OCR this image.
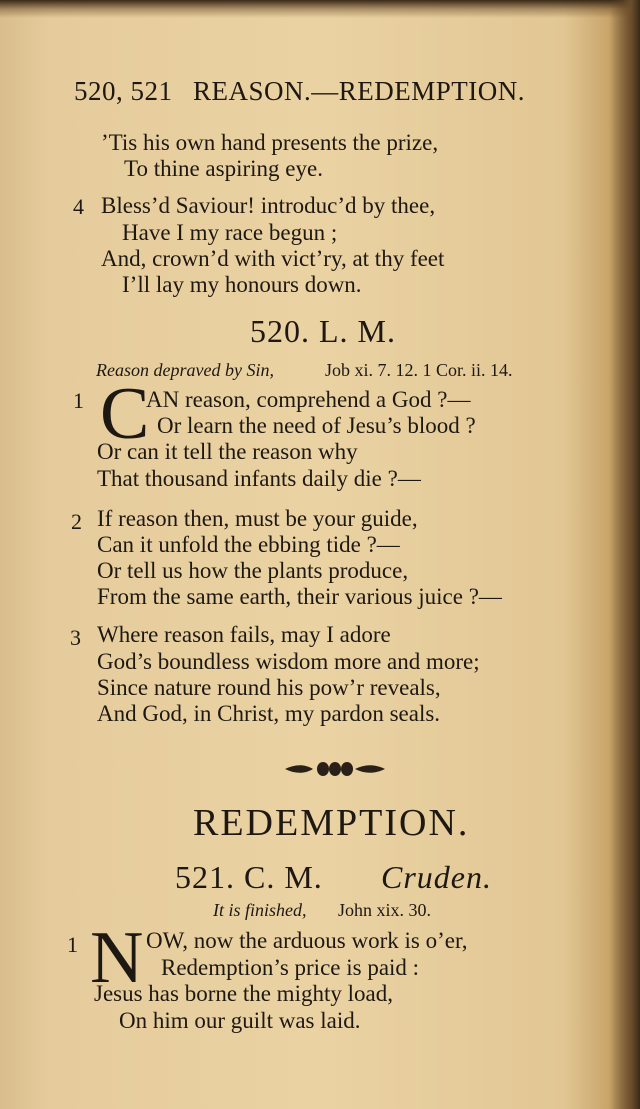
520, 521 REASON.—REDEMPTION.
’Tis his own hand presents the prize,
To thine aspiring eye.
4 Bless’d Saviour! introduc’d by thee,
Have I my race begun ;
And, crown’d with vict’ry, at thy feet
I’ll lay my honours down.
520. L. M.
Reason depraved by Sin,	Job xi. 7. 12. 1 Cor. ii. 14.
1 C
AN reason, comprehend a God ?—
Or learn the need of Jesu’s blood ?
Or can it tell the reason why
That thousand infants daily die ?—
2 If reason then, must be your guide,
Can it unfold the ebbing tide ?—
Or tell us how the plants produce,
From the same earth, their various juice ?—
3 Where reason fails, may I adore
God’s boundless wisdom more and more;
Since nature round his pow’r reveals,
And God, in Christ, my pardon seals.
REDEMPTION.
521. C. M. Cruden.
It is finished, John xix. 30.
1 N OW, now the arduous work is o’er,
Redemption’s price is paid :
Jesus has borne the mighty load,
On him our guilt was laid.
